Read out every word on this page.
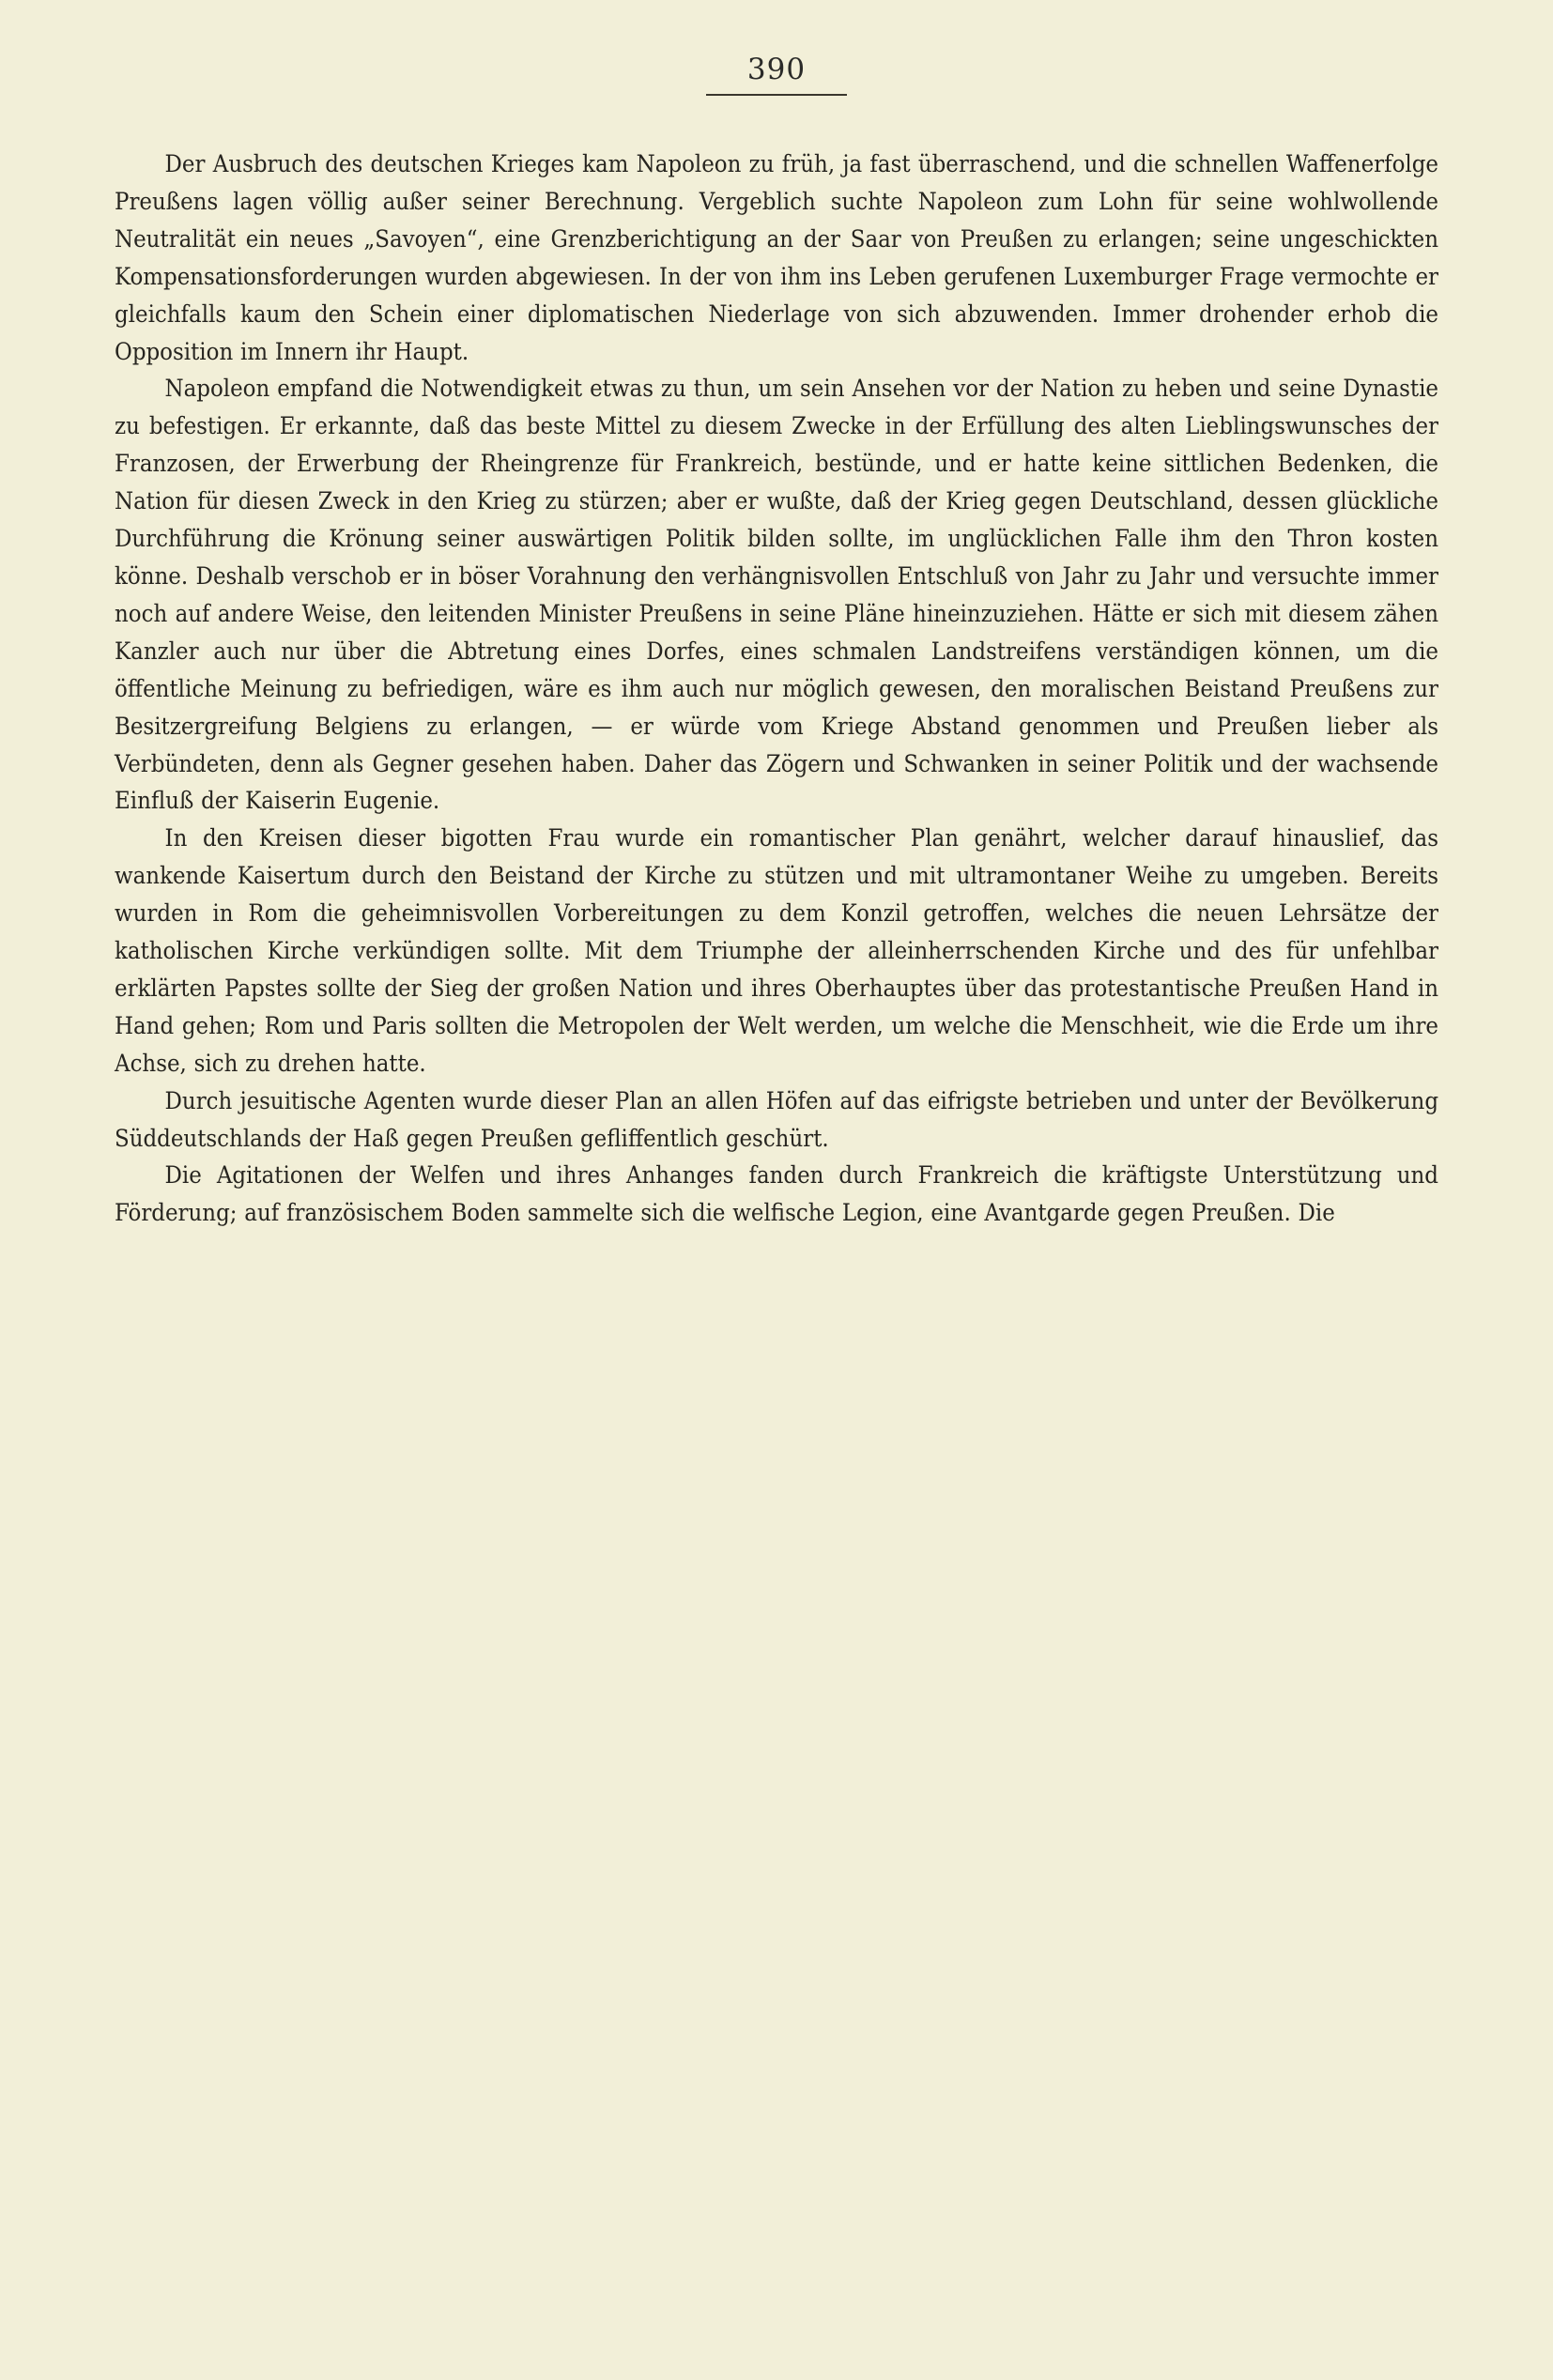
390

Der Ausbruch des deutschen Krieges kam Napoleon zu früh, ja fast überraschend, und die schnellen Waffenerfolge Preußens lagen völlig außer seiner Berechnung. Vergeblich suchte Napoleon zum Lohn für seine wohlwollende Neutralität ein neues „Savoyen“, eine Grenzberichtigung an der Saar von Preußen zu erlangen; seine ungeschickten Kompensationsforderungen wurden abgewiesen. In der von ihm ins Leben gerufenen Luxemburger Frage vermochte er gleichfalls kaum den Schein einer diplomatischen Niederlage von sich abzuwenden. Immer drohender erhob die Opposition im Innern ihr Haupt.

Napoleon empfand die Notwendigkeit etwas zu thun, um sein Ansehen vor der Nation zu heben und seine Dynastie zu befestigen. Er erkannte, daß das beste Mittel zu diesem Zwecke in der Erfüllung des alten Lieblingswunsches der Franzosen, der Erwerbung der Rheingrenze für Frankreich, bestünde, und er hatte keine sittlichen Bedenken, die Nation für diesen Zweck in den Krieg zu stürzen; aber er wußte, daß der Krieg gegen Deutschland, dessen glückliche Durchführung die Krönung seiner auswärtigen Politik bilden sollte, im unglücklichen Falle ihm den Thron kosten könne. Deshalb verschob er in böser Vorahnung den verhängnisvollen Entschluß von Jahr zu Jahr und versuchte immer noch auf andere Weise, den leitenden Minister Preußens in seine Pläne hineinzuziehen. Hätte er sich mit diesem zähen Kanzler auch nur über die Abtretung eines Dorfes, eines schmalen Landstreifens verständigen können, um die öffentliche Meinung zu befriedigen, wäre es ihm auch nur möglich gewesen, den moralischen Beistand Preußens zur Besitzergreifung Belgiens zu erlangen, — er würde vom Kriege Abstand genommen und Preußen lieber als Verbündeten, denn als Gegner gesehen haben. Daher das Zögern und Schwanken in seiner Politik und der wachsende Einfluß der Kaiserin Eugenie.

In den Kreisen dieser bigotten Frau wurde ein romantischer Plan genährt, welcher darauf hinauslief, das wankende Kaisertum durch den Beistand der Kirche zu stützen und mit ultramontaner Weihe zu umgeben. Bereits wurden in Rom die geheimnisvollen Vorbereitungen zu dem Konzil getroffen, welches die neuen Lehrsätze der katholischen Kirche verkündigen sollte. Mit dem Triumphe der alleinherrschenden Kirche und des für unfehlbar erklärten Papstes sollte der Sieg der großen Nation und ihres Oberhauptes über das protestantische Preußen Hand in Hand gehen; Rom und Paris sollten die Metropolen der Welt werden, um welche die Menschheit, wie die Erde um ihre Achse, sich zu drehen hatte.

Durch jesuitische Agenten wurde dieser Plan an allen Höfen auf das eifrigste betrieben und unter der Bevölkerung Süddeutschlands der Haß gegen Preußen gefliffentlich geschürt.

Die Agitationen der Welfen und ihres Anhanges fanden durch Frankreich die kräftigste Unterstützung und Förderung; auf französischem Boden sammelte sich die welfische Legion, eine Avantgarde gegen Preußen. Die
